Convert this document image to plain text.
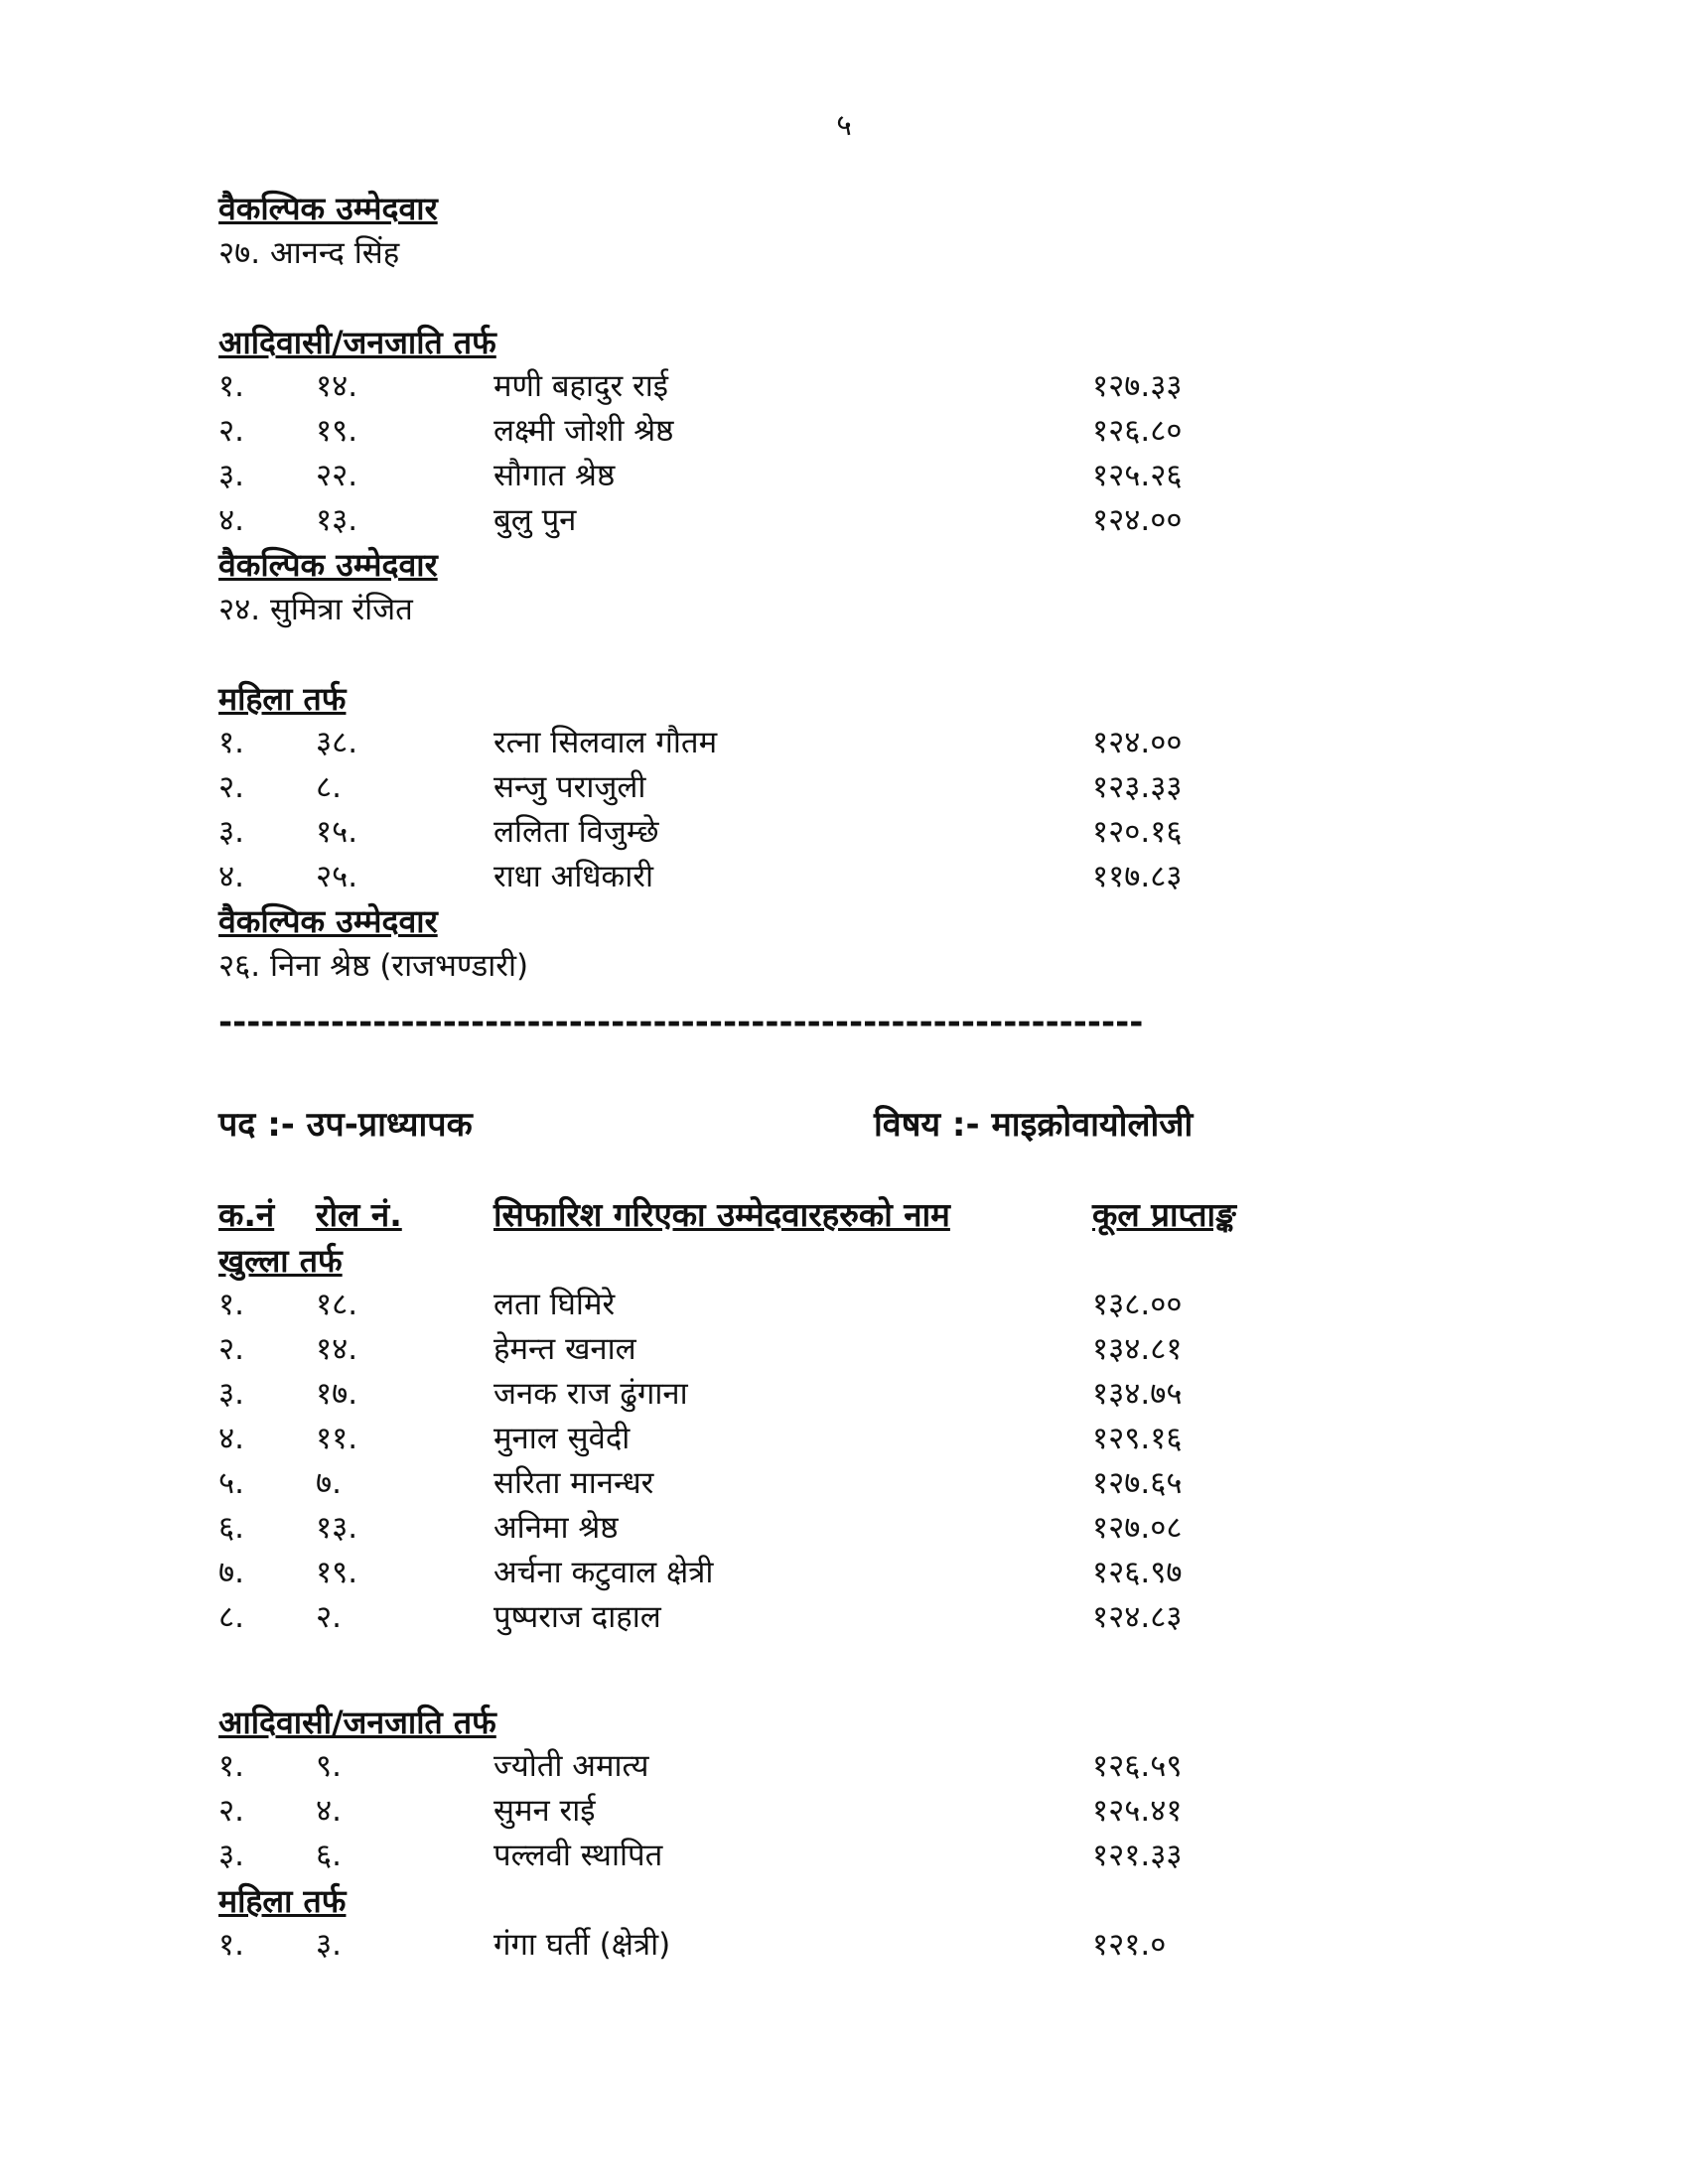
५
वैकल्पिक उम्मेदवार
२७. आनन्द सिंह
आदिवासी/जनजाति तर्फ
१. १४.	मणी बहादुर राई	१२७.३३
२. १९.	लक्ष्मी जोशी श्रेष्ठ	१२६.८०
३. २२.	सौगात श्रेष्ठ	१२५.२६
४. १३.	बुलु पुन	१२४.००
वैकल्पिक उम्मेदवार
२४. सुमित्रा रंजित
महिला तर्फ
१. ३८.	रत्ना सिलवाल गौतम	१२४.००
२. ८.	सन्जु पराजुली	१२३.३३
३. १५.	ललिता विजुम्छे	१२०.१६
४. २५.	राधा अधिकारी	११७.८३
वैकल्पिक उम्मेदवार
२६. निना श्रेष्ठ (राजभण्डारी)
------------------------------------------------------------------
पद :- उप-प्राध्यापक	विषय :- माइक्रोवायोलोजी
क.नं रोल नं.	सिफारिश गरिएका उम्मेदवारहरुको नाम	कूल प्राप्ताङ्क
खुल्ला तर्फ
१. १८.	लता घिमिरे	१३८.००
२. १४.	हेमन्त खनाल	१३४.८१
३. १७.	जनक राज ढुंगाना	१३४.७५
४. ११.	मुनाल सुवेदी	१२९.१६
५. ७.	सरिता मानन्धर	१२७.६५
६. १३.	अनिमा श्रेष्ठ	१२७.०८
७. १९.	अर्चना कटुवाल क्षेत्री	१२६.९७
८. २.	पुष्पराज दाहाल	१२४.८३
आदिवासी/जनजाति तर्फ
१. ९.	ज्योती अमात्य	१२६.५९
२. ४.	सुमन राई	१२५.४१
३. ६.	पल्लवी स्थापित	१२१.३३
महिला तर्फ
१. ३.	गंगा घर्ती (क्षेत्री)	१२१.०
